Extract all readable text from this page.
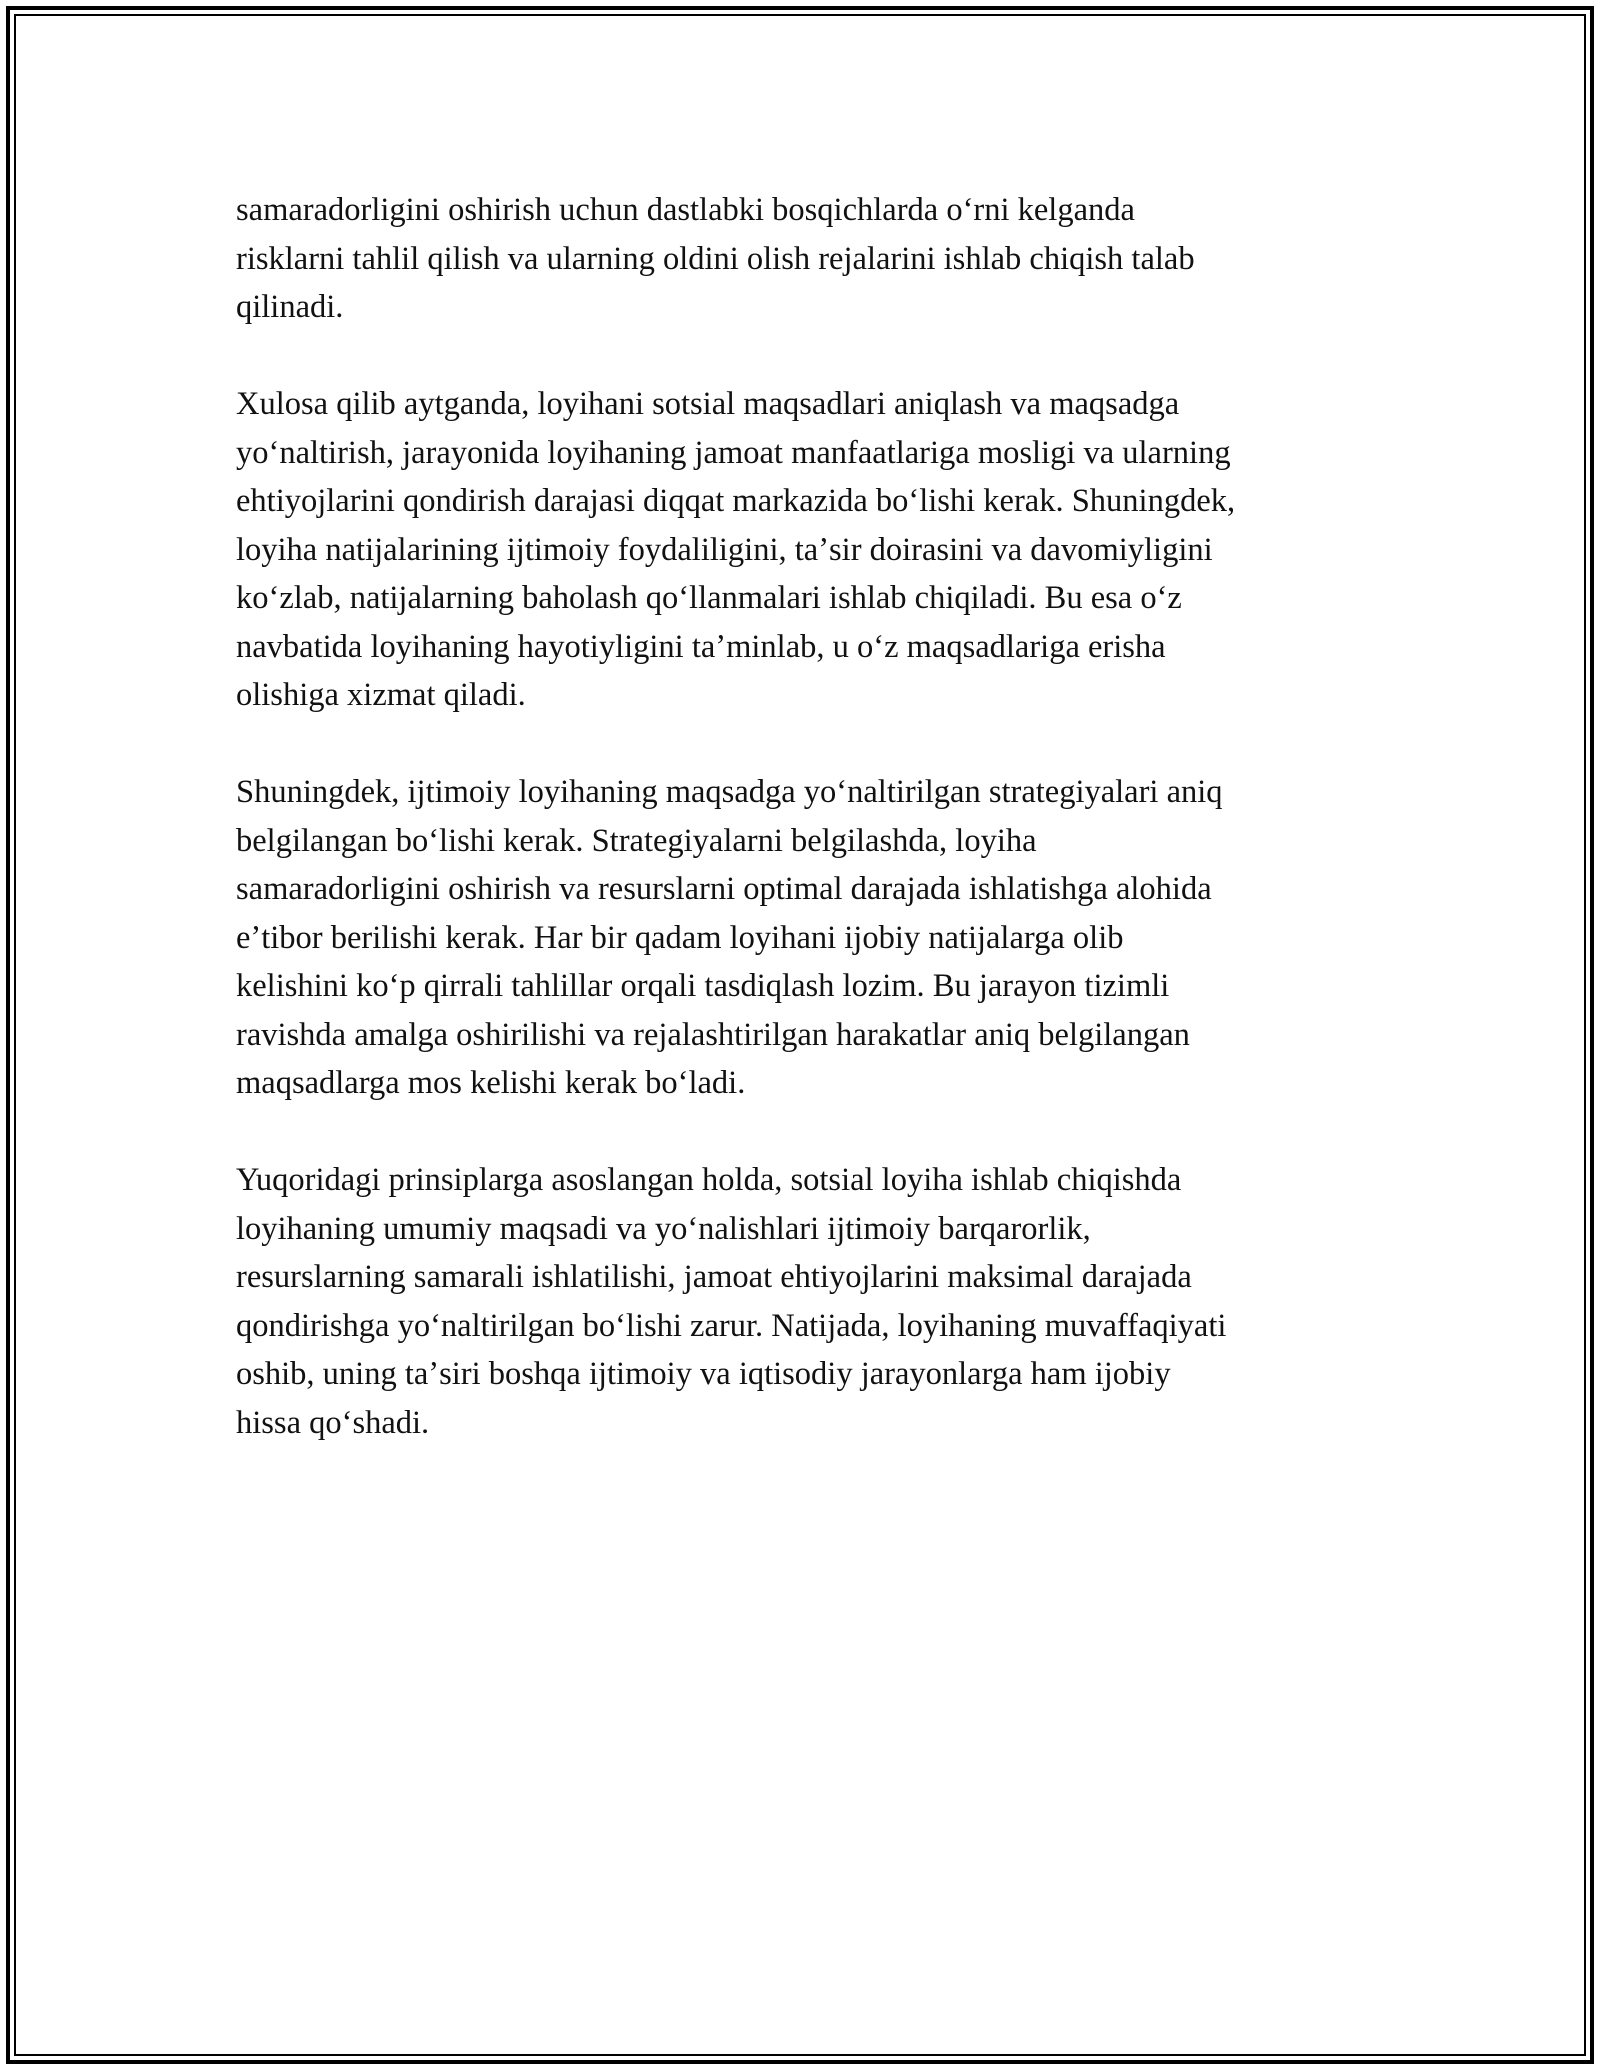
samaradorligini oshirish uchun dastlabki bosqichlarda oʻrni kelganda
risklarni tahlil qilish va ularning oldini olish rejalarini ishlab chiqish talab
qilinadi.

Xulosa qilib aytganda, loyihani sotsial maqsadlari aniqlash va maqsadga
yoʻnaltirish, jarayonida loyihaning jamoat manfaatlariga mosligi va ularning
ehtiyojlarini qondirish darajasi diqqat markazida boʻlishi kerak. Shuningdek,
loyiha natijalarining ijtimoiy foydaliligini, taʼsir doirasini va davomiyligini
koʻzlab, natijalarning baholash qoʻllanmalari ishlab chiqiladi. Bu esa oʻz
navbatida loyihaning hayotiyligini taʼminlab, u oʻz maqsadlariga erisha
olishiga xizmat qiladi.

Shuningdek, ijtimoiy loyihaning maqsadga yoʻnaltirilgan strategiyalari aniq
belgilangan boʻlishi kerak. Strategiyalarni belgilashda, loyiha
samaradorligini oshirish va resurslarni optimal darajada ishlatishga alohida
eʼtibor berilishi kerak. Har bir qadam loyihani ijobiy natijalarga olib
kelishini koʻp qirrali tahlillar orqali tasdiqlash lozim. Bu jarayon tizimli
ravishda amalga oshirilishi va rejalashtirilgan harakatlar aniq belgilangan
maqsadlarga mos kelishi kerak boʻladi.

Yuqoridagi prinsiplarga asoslangan holda, sotsial loyiha ishlab chiqishda
loyihaning umumiy maqsadi va yoʻnalishlari ijtimoiy barqarorlik,
resurslarning samarali ishlatilishi, jamoat ehtiyojlarini maksimal darajada
qondirishga yoʻnaltirilgan boʻlishi zarur. Natijada, loyihaning muvaffaqiyati
oshib, uning taʼsiri boshqa ijtimoiy va iqtisodiy jarayonlarga ham ijobiy
hissa qoʻshadi.
